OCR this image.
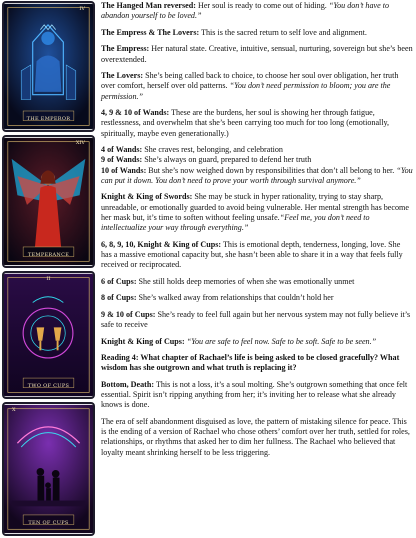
IV
THE EMPEROR
XIV
TEMPERANCE
II
TWO OF CUPS
X
TEN OF CUPS

The Hanged Man reversed: Her soul is ready to come out of hiding. “You don’t have to abandon yourself to be loved.”

The Empress & The Lovers: This is the sacred return to self love and alignment.

The Empress: Her natural state. Creative, intuitive, sensual, nurturing, sovereign but she’s been overextended.

The Lovers: She’s being called back to choice, to choose her soul over obligation, her truth over comfort, herself over old patterns. “You don’t need permission to bloom; you are the permission.”

4, 9 & 10 of Wands: These are the burdens, her soul is showing her through fatigue, restlessness, and overwhelm that she’s been carrying too much for too long (emotionally, spiritually, maybe even generationally.)

4 of Wands: She craves rest, belonging, and celebration

9 of Wands: She’s always on guard, prepared to defend her truth

10 of Wands: But she’s now weighed down by responsibilities that don’t all belong to her. “You can put it down. You don’t need to prove your worth through survival anymore.”

Knight & King of Swords: She may be stuck in hyper rationality, trying to stay sharp, unreadable, or emotionally guarded to avoid being vulnerable. Her mental strength has become her mask but, it’s time to soften without feeling unsafe.“Feel me, you don’t need to intellectualize your way through everything.”

6, 8, 9, 10, Knight & King of Cups: This is emotional depth, tenderness, longing, love. She has a massive emotional capacity but, she hasn’t been able to share it in a way that feels fully received or reciprocated.

6 of Cups: She still holds deep memories of when she was emotionally unmet

8 of Cups: She’s walked away from relationships that couldn’t hold her

9 & 10 of Cups: She’s ready to feel full again but her nervous system may not fully believe it’s safe to receive

Knight & King of Cups: “You are safe to feel now. Safe to be soft. Safe to be seen.”

Reading 4: What chapter of Rachael’s life is being asked to be closed gracefully? What wisdom has she outgrown and what truth is replacing it?

Bottom, Death: This is not a loss, it’s a soul molting. She’s outgrown something that once felt essential. Spirit isn’t ripping anything from her; it’s inviting her to release what she already knows is done.

The era of self abandonment disguised as love, the pattern of mistaking silence for peace. This is the ending of a version of Rachael who chose others’ comfort over her truth, settled for roles, relationships, or rhythms that asked her to dim her fullness. The Rachael who believed that loyalty meant shrinking herself to be less triggering.
